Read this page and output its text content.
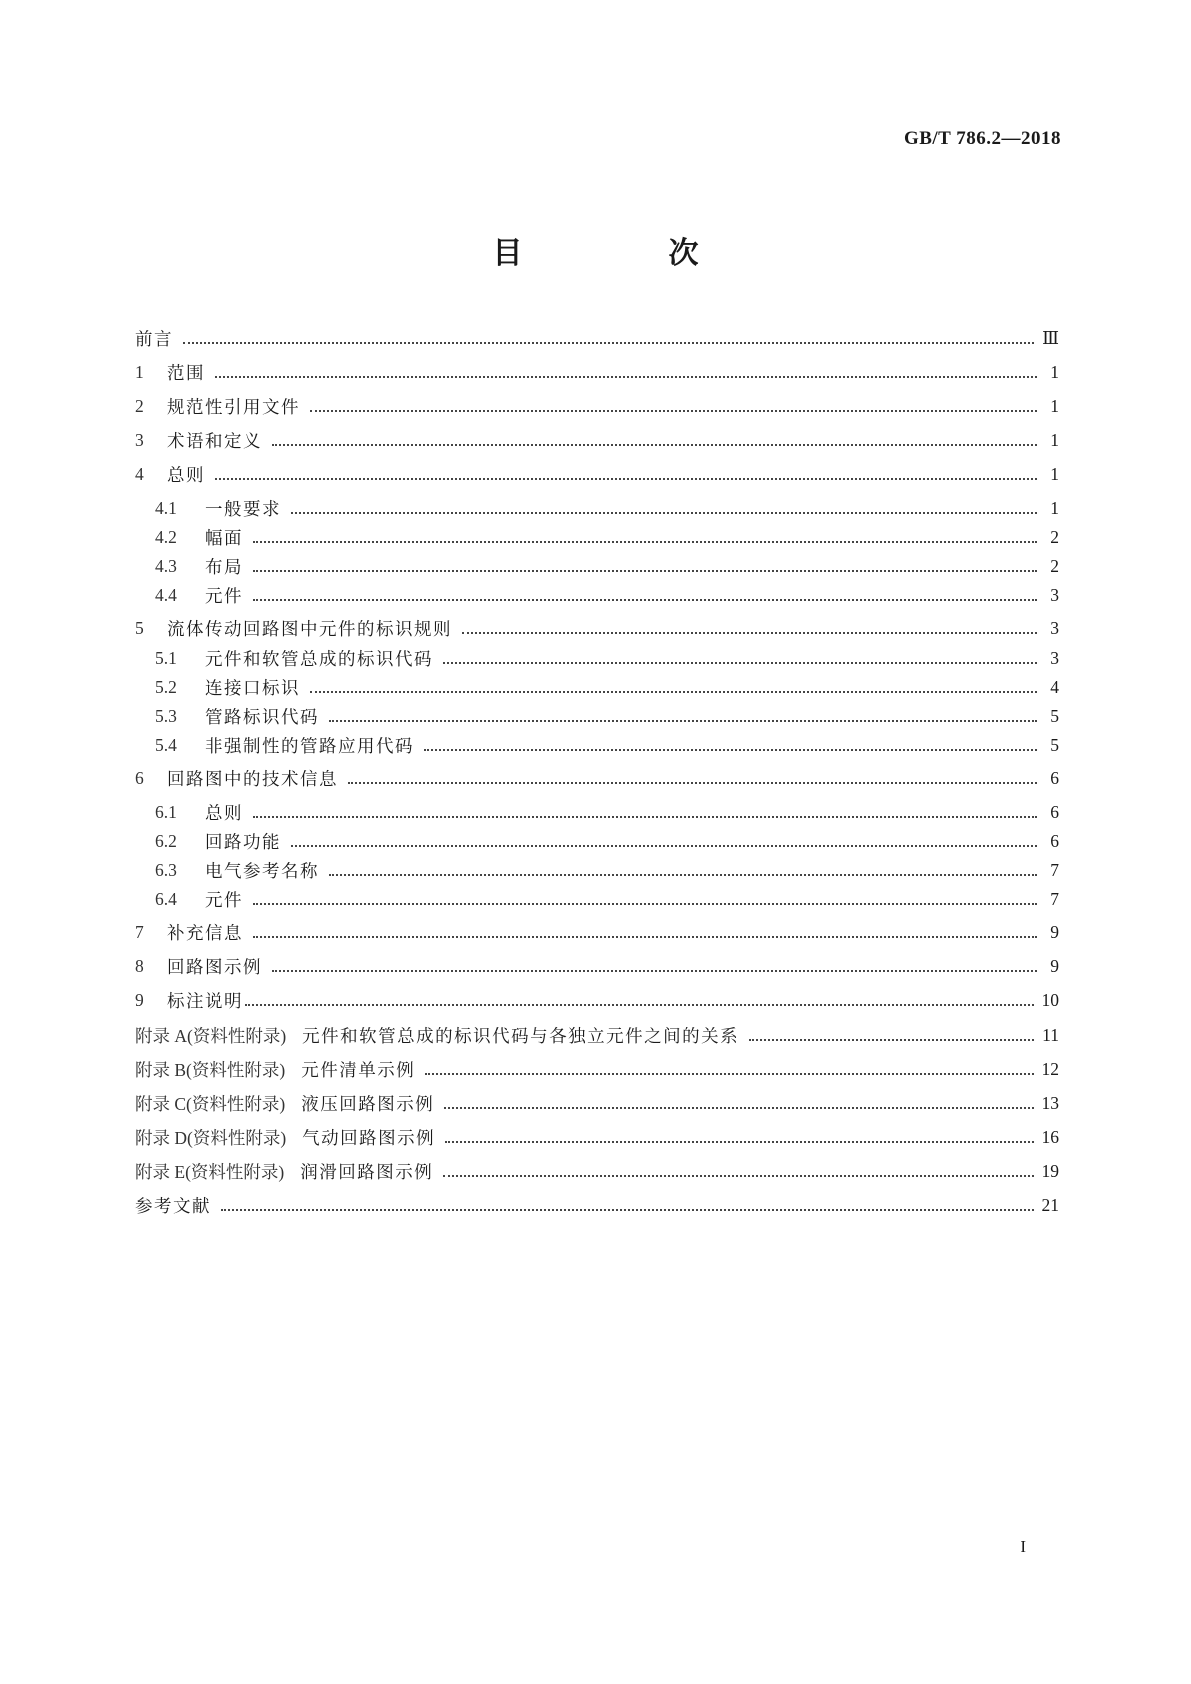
GB/T 786.2—2018
目　次
前言	Ⅲ
1	范围	1
2	规范性引用文件	1
3	术语和定义	1
4	总则	1
4.1	一般要求	1
4.2	幅面	2
4.3	布局	2
4.4	元件	3
5	流体传动回路图中元件的标识规则	3
5.1	元件和软管总成的标识代码	3
5.2	连接口标识	4
5.3	管路标识代码	5
5.4	非强制性的管路应用代码	5
6	回路图中的技术信息	6
6.1	总则	6
6.2	回路功能	6
6.3	电气参考名称	7
6.4	元件	7
7	补充信息	9
8	回路图示例	9
9	标注说明	10
附录 A(资料性附录) 元件和软管总成的标识代码与各独立元件之间的关系	11
附录 B(资料性附录) 元件清单示例	12
附录 C(资料性附录) 液压回路图示例	13
附录 D(资料性附录) 气动回路图示例	16
附录 E(资料性附录) 润滑回路图示例	19
参考文献	21
I
